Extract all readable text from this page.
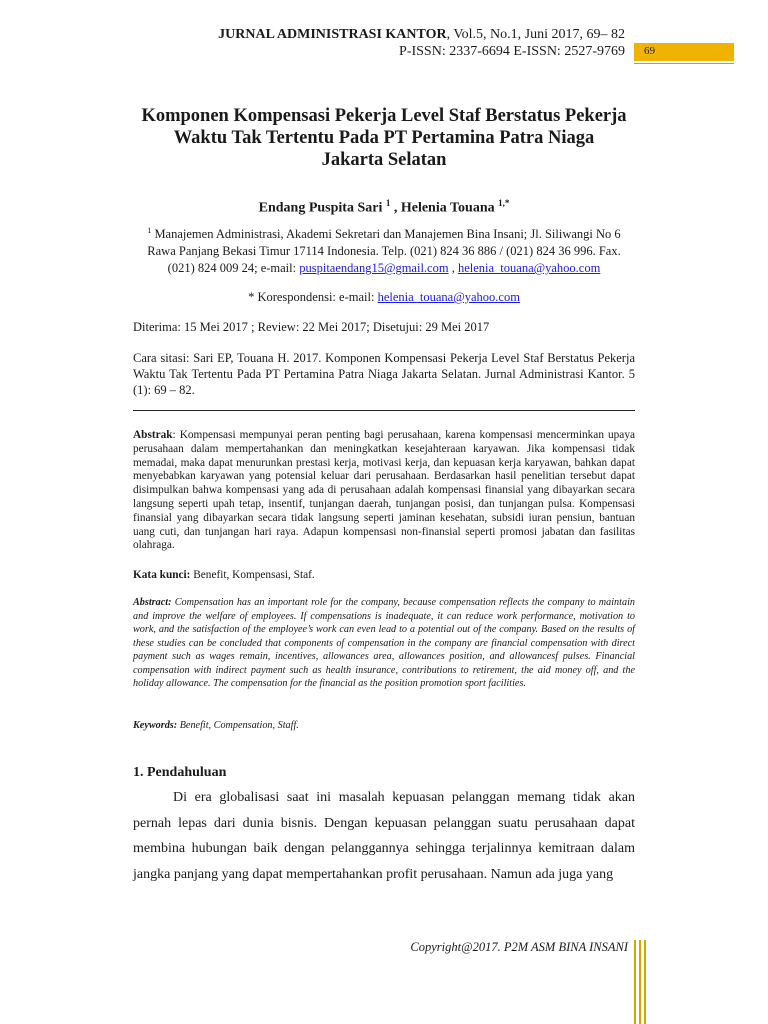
JURNAL ADMINISTRASI KANTOR, Vol.5, No.1, Juni 2017, 69– 82
P-ISSN: 2337-6694 E-ISSN: 2527-9769 69
Komponen Kompensasi Pekerja Level Staf Berstatus Pekerja
Waktu Tak Tertentu Pada PT Pertamina Patra Niaga
Jakarta Selatan
Endang Puspita Sari $^1$ , Helenia Touana $^{1,*}$
$^1$ Manajemen Administrasi, Akademi Sekretari dan Manajemen Bina Insani; Jl. Siliwangi No 6
Rawa Panjang Bekasi Timur 17114 Indonesia. Telp. (021) 824 36 886 / (021) 824 36 996. Fax.
(021) 824 009 24; e-mail: puspitaendang15@gmail.com , helenia_touana@yahoo.com
* Korespondensi: e-mail: helenia_touana@yahoo.com
Diterima: 15 Mei 2017 ; Review: 22 Mei 2017; Disetujui: 29 Mei 2017
Cara sitasi: Sari EP, Touana H. 2017. Komponen Kompensasi Pekerja Level Staf Berstatus Pekerja Waktu Tak Tertentu Pada PT Pertamina Patra Niaga Jakarta Selatan. Jurnal Administrasi Kantor. 5 (1): 69 – 82.
Abstrak: Kompensasi mempunyai peran penting bagi perusahaan, karena kompensasi mencerminkan upaya perusahaan dalam mempertahankan dan meningkatkan kesejahteraan karyawan. Jika kompensasi tidak memadai, maka dapat menurunkan prestasi kerja, motivasi kerja, dan kepuasan kerja karyawan, bahkan dapat menyebabkan karyawan yang potensial keluar dari perusahaan. Berdasarkan hasil penelitian tersebut dapat disimpulkan bahwa kompensasi yang ada di perusahaan adalah kompensasi finansial yang dibayarkan secara langsung seperti upah tetap, insentif, tunjangan daerah, tunjangan posisi, dan tunjangan pulsa. Kompensasi finansial yang dibayarkan secara tidak langsung seperti jaminan kesehatan, subsidi iuran pensiun, bantuan uang cuti, dan tunjangan hari raya. Adapun kompensasi non-finansial seperti promosi jabatan dan fasilitas olahraga.
Kata kunci: Benefit, Kompensasi, Staf.
Abstract: Compensation has an important role for the company, because compensation reflects the company to maintain and improve the welfare of employees. If compensations is inadequate, it can reduce work performance, motivation to work, and the satisfaction of the employee’s work can even lead to a potential out of the company. Based on the results of these studies can be concluded that components of compensation in the company are financial compensation with direct payment such as wages remain, incentives, allowances area, allowances position, and allowancesf pulses. Financial compensation with indirect payment such as health insurance, contributions to retirement, the aid money off, and the holiday allowance. The compensation for the financial as the position promotion sport facilities.
Keywords: Benefit, Compensation, Staff.
1. Pendahuluan
Di era globalisasi saat ini masalah kepuasan pelanggan memang tidak akan pernah lepas dari dunia bisnis. Dengan kepuasan pelanggan suatu perusahaan dapat membina hubungan baik dengan pelanggannya sehingga terjalinnya kemitraan dalam jangka panjang yang dapat mempertahankan profit perusahaan. Namun ada juga yang
Copyright@2017. P2M ASM BINA INSANI
